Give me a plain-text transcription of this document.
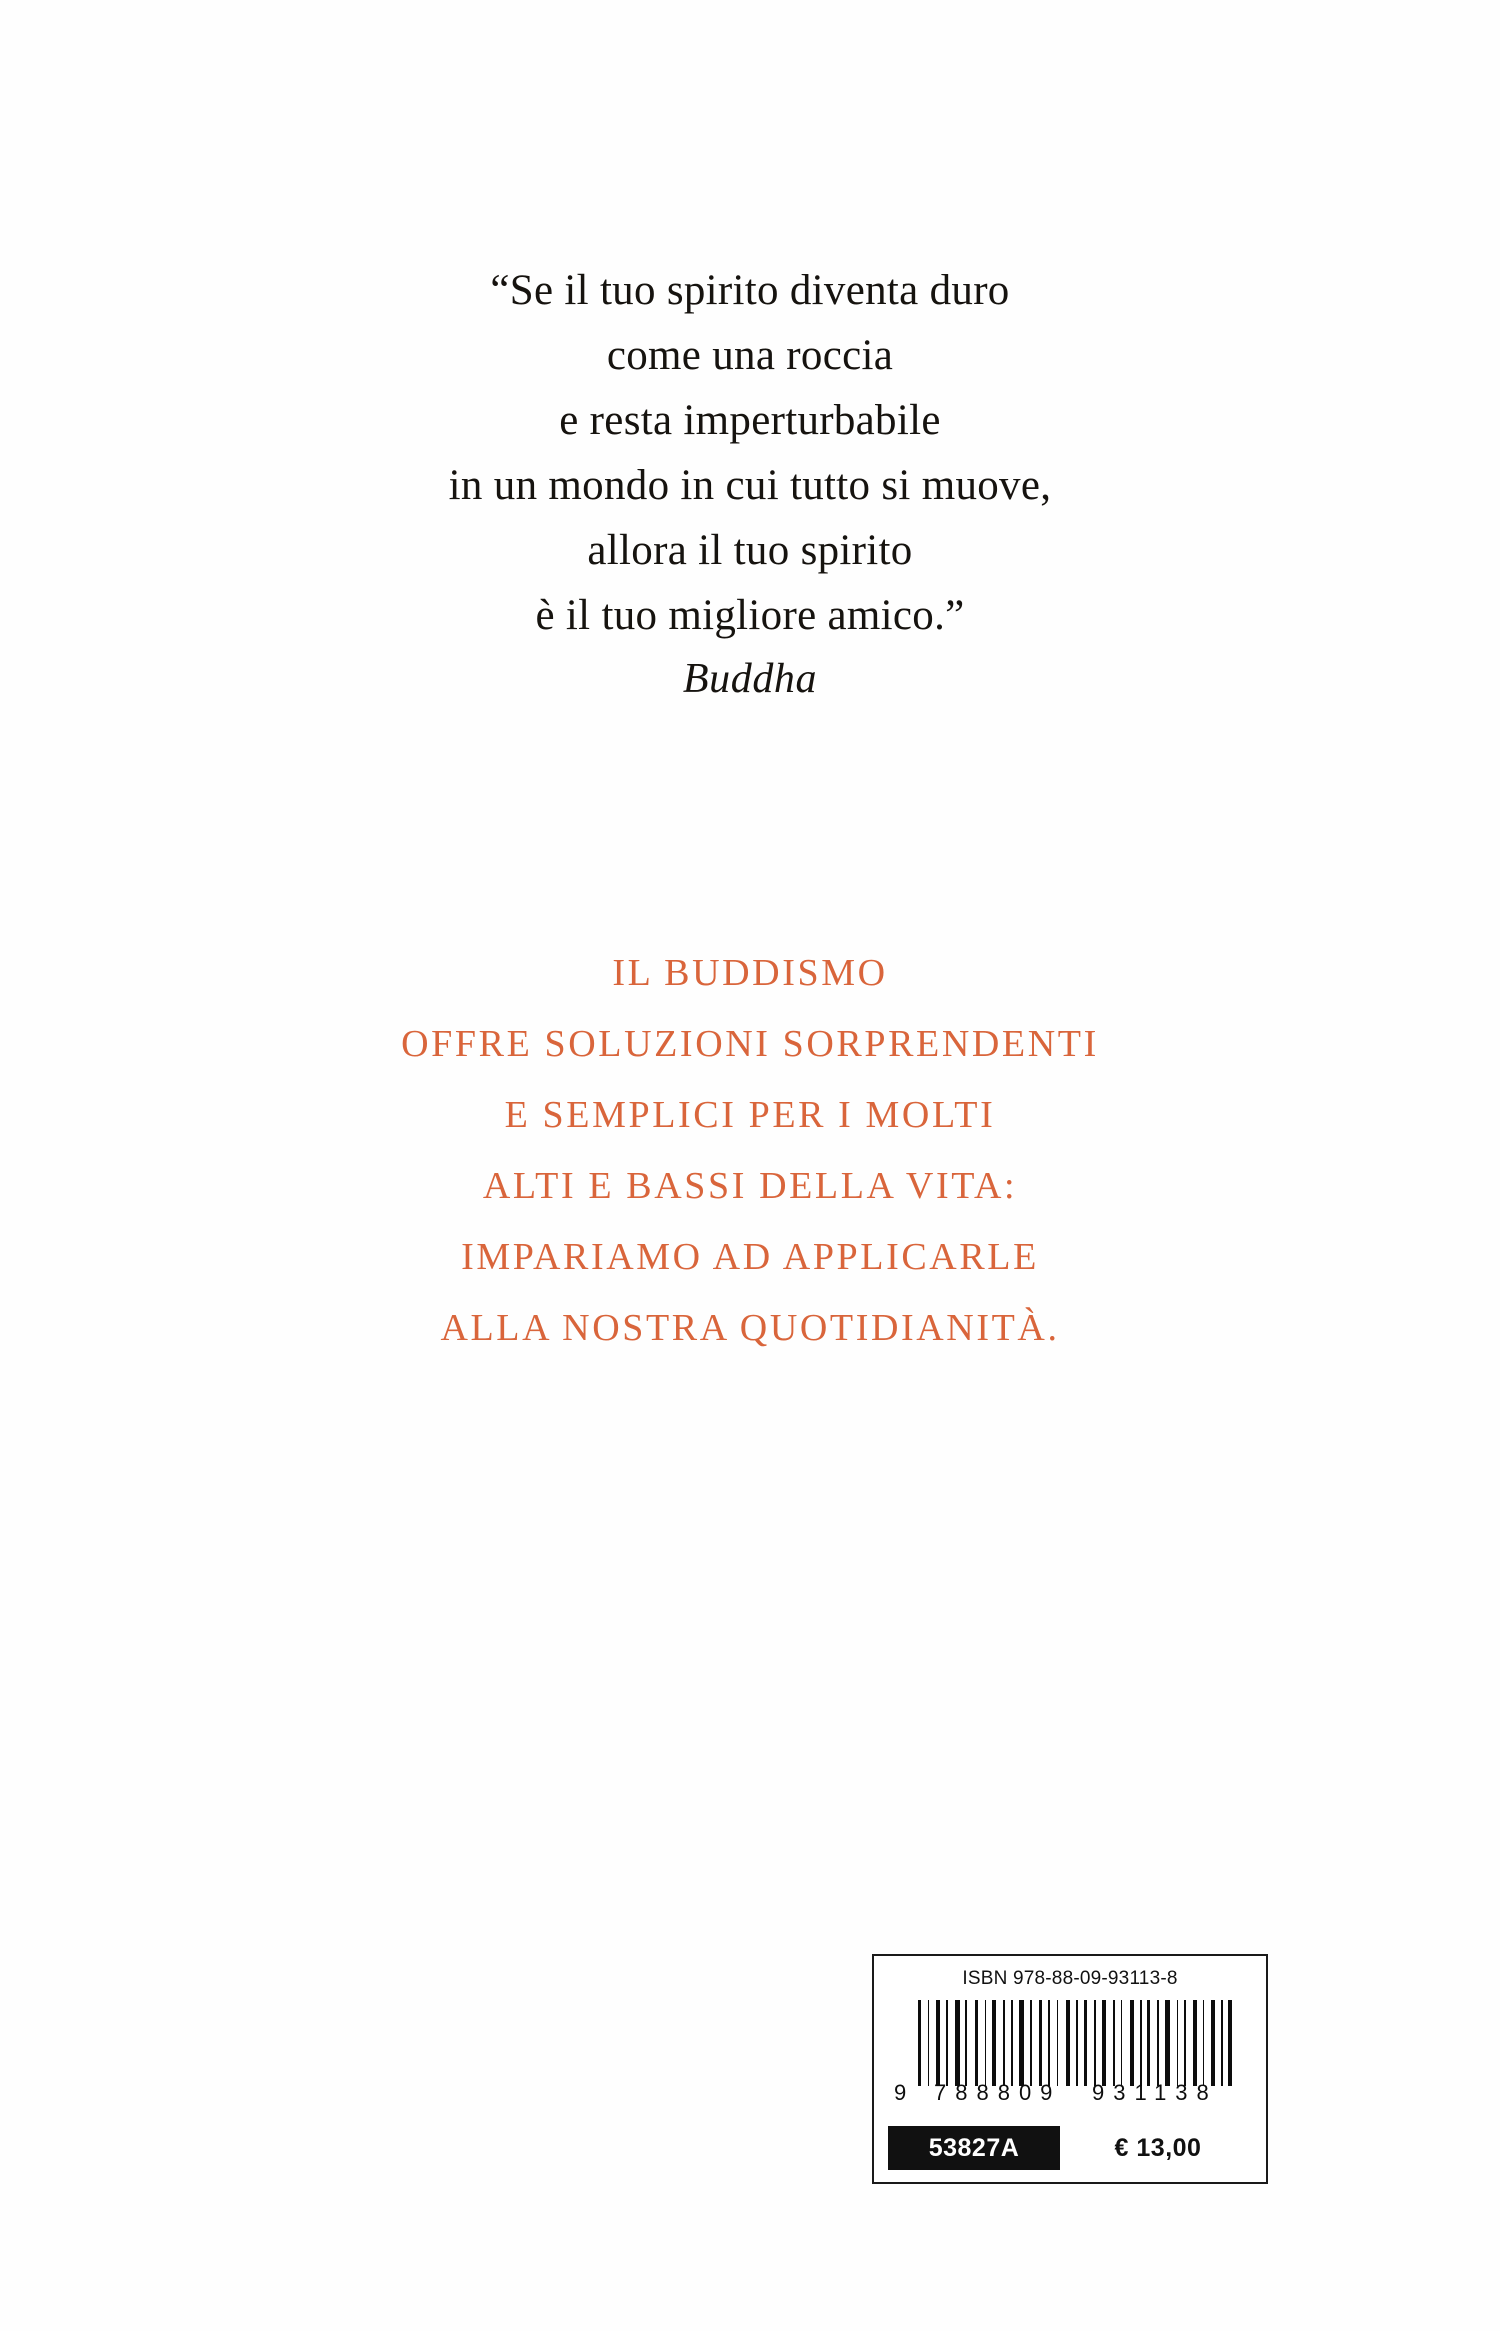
“Se il tuo spirito diventa duro
come una roccia
e resta imperturbabile
in un mondo in cui tutto si muove,
allora il tuo spirito
è il tuo migliore amico.”
Buddha
IL BUDDISMO
OFFRE SOLUZIONI SORPRENDENTI
E SEMPLICI PER I MOLTI
ALTI E BASSI DELLA VITA:
IMPARIAMO AD APPLICARLE
ALLA NOSTRA QUOTIDIANITÀ.
ISBN 978-88-09-93113-8
9 788809 931138
53827A	€ 13,00
